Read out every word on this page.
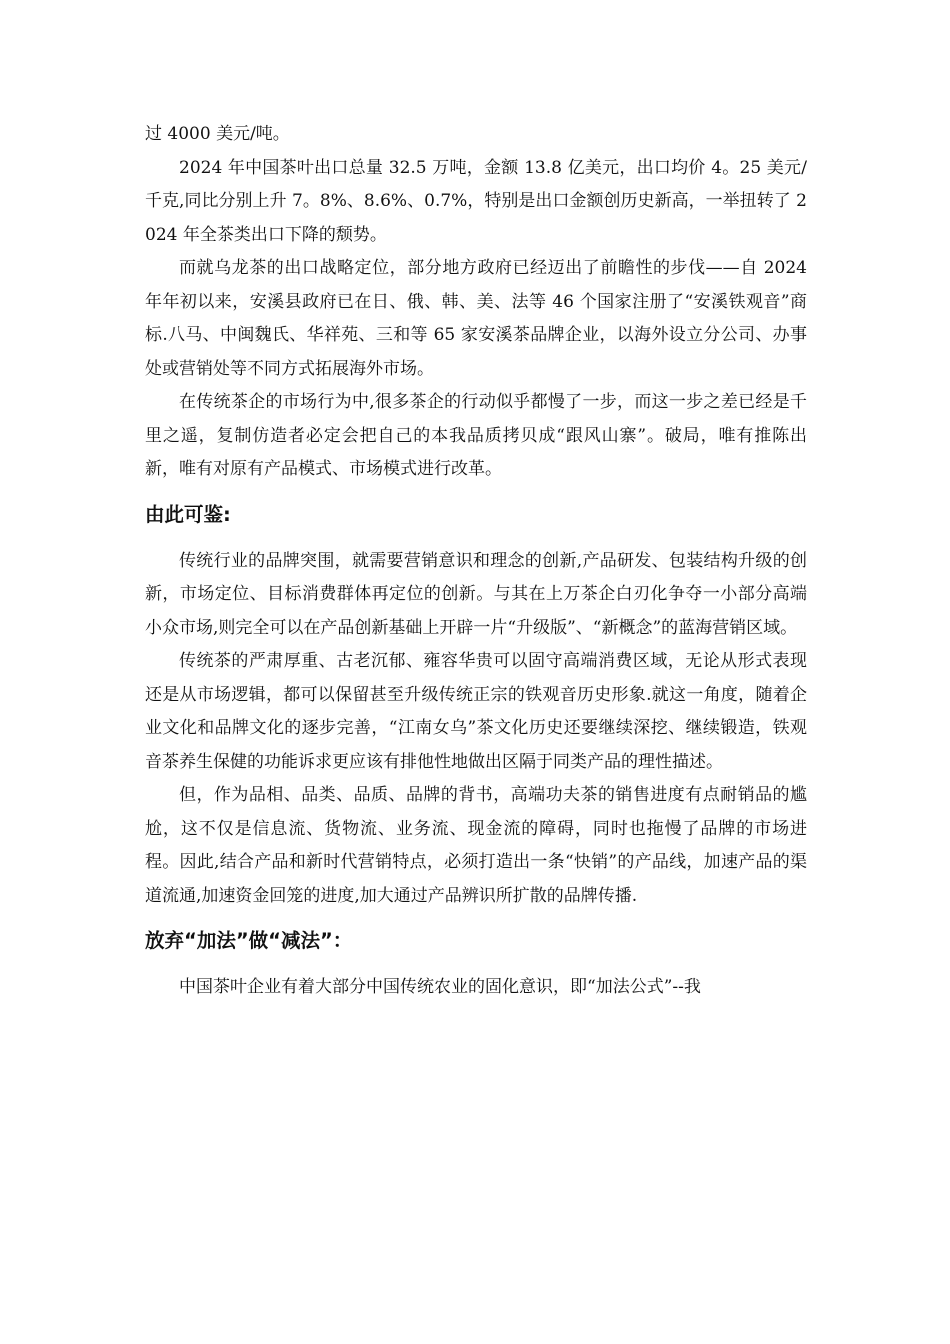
过 4000 美元/吨。

2024 年中国茶叶出口总量 32.5 万吨，金额 13.8 亿美元，出口均价 4。25 美元/千克,同比分别上升 7。8%、8.6%、0.7%，特别是出口金额创历史新高，一举扭转了 2024 年全茶类出口下降的颓势。

而就乌龙茶的出口战略定位，部分地方政府已经迈出了前瞻性的步伐——自 2024 年年初以来，安溪县政府已在日、俄、韩、美、法等 46 个国家注册了“安溪铁观音”商标.八马、中闽魏氏、华祥苑、三和等 65 家安溪茶品牌企业，以海外设立分公司、办事处或营销处等不同方式拓展海外市场。

在传统茶企的市场行为中,很多茶企的行动似乎都慢了一步，而这一步之差已经是千里之遥，复制仿造者必定会把自己的本我品质拷贝成“跟风山寨”。破局，唯有推陈出新，唯有对原有产品模式、市场模式进行改革。

由此可鉴:

传统行业的品牌突围，就需要营销意识和理念的创新,产品研发、包装结构升级的创新，市场定位、目标消费群体再定位的创新。与其在上万茶企白刃化争夺一小部分高端小众市场,则完全可以在产品创新基础上开辟一片“升级版”、“新概念”的蓝海营销区域。

传统茶的严肃厚重、古老沉郁、雍容华贵可以固守高端消费区域，无论从形式表现还是从市场逻辑，都可以保留甚至升级传统正宗的铁观音历史形象.就这一角度，随着企业文化和品牌文化的逐步完善，“江南女乌”茶文化历史还要继续深挖、继续锻造，铁观音茶养生保健的功能诉求更应该有排他性地做出区隔于同类产品的理性描述。

但，作为品相、品类、品质、品牌的背书，高端功夫茶的销售进度有点耐销品的尴尬，这不仅是信息流、货物流、业务流、现金流的障碍，同时也拖慢了品牌的市场进程。因此,结合产品和新时代营销特点，必须打造出一条“快销”的产品线，加速产品的渠道流通,加速资金回笼的进度,加大通过产品辨识所扩散的品牌传播.

放弃“加法”做“减法”：

中国茶叶企业有着大部分中国传统农业的固化意识，即“加法公式”--我
